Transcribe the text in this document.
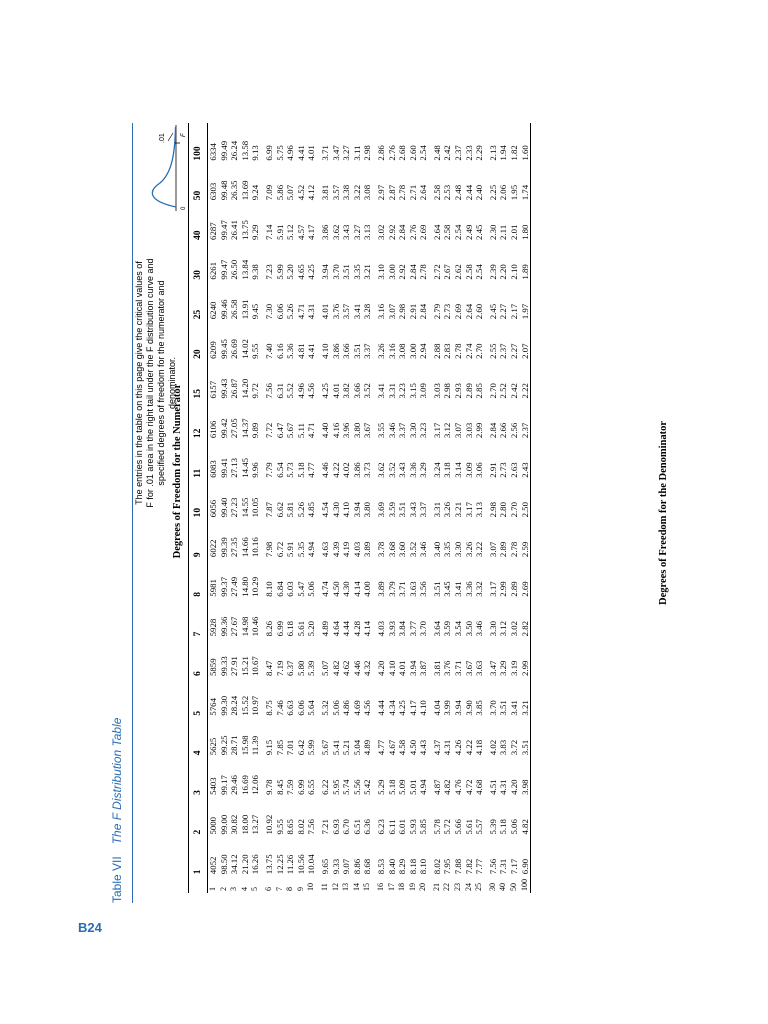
B24
Table VIIThe F Distribution Table
The entries in the table on this page give the critical values of F for .01 area in the right tail under the F distribution curve and specified degrees of freedom for the numerator and denominator.
.01
0
F
Degrees of Freedom for the Numerator
	1	2	3	4	5	6	7	8	9	10	11	12	15	20	25	30	40	50	100
1	4052	5000	5403	5625	5764	5859	5928	5981	6022	6056	6083	6106	6157	6209	6240	6261	6287	6303	6334
2	98.50	99.00	99.17	99.25	99.30	99.33	99.36	99.37	99.39	99.40	99.41	99.42	99.43	99.45	99.46	99.47	99.47	99.48	99.49
3	34.12	30.82	29.46	28.71	28.24	27.91	27.67	27.49	27.35	27.23	27.13	27.05	26.87	26.69	26.58	26.50	26.41	26.35	26.24
4	21.20	18.00	16.69	15.98	15.52	15.21	14.98	14.80	14.66	14.55	14.45	14.37	14.20	14.02	13.91	13.84	13.75	13.69	13.58
5	16.26	13.27	12.06	11.39	10.97	10.67	10.46	10.29	10.16	10.05	9.96	9.89	9.72	9.55	9.45	9.38	9.29	9.24	9.13
6	13.75	10.92	9.78	9.15	8.75	8.47	8.26	8.10	7.98	7.87	7.79	7.72	7.56	7.40	7.30	7.23	7.14	7.09	6.99
7	12.25	9.55	8.45	7.85	7.46	7.19	6.99	6.84	6.72	6.62	6.54	6.47	6.31	6.16	6.06	5.99	5.91	5.86	5.75
8	11.26	8.65	7.59	7.01	6.63	6.37	6.18	6.03	5.91	5.81	5.73	5.67	5.52	5.36	5.26	5.20	5.12	5.07	4.96
9	10.56	8.02	6.99	6.42	6.06	5.80	5.61	5.47	5.35	5.26	5.18	5.11	4.96	4.81	4.71	4.65	4.57	4.52	4.41
10	10.04	7.56	6.55	5.99	5.64	5.39	5.20	5.06	4.94	4.85	4.77	4.71	4.56	4.41	4.31	4.25	4.17	4.12	4.01
11	9.65	7.21	6.22	5.67	5.32	5.07	4.89	4.74	4.63	4.54	4.46	4.40	4.25	4.10	4.01	3.94	3.86	3.81	3.71
12	9.33	6.93	5.95	5.41	5.06	4.82	4.64	4.50	4.39	4.30	4.22	4.16	4.01	3.86	3.76	3.70	3.62	3.57	3.47
13	9.07	6.70	5.74	5.21	4.86	4.62	4.44	4.30	4.19	4.10	4.02	3.96	3.82	3.66	3.57	3.51	3.43	3.38	3.27
14	8.86	6.51	5.56	5.04	4.69	4.46	4.28	4.14	4.03	3.94	3.86	3.80	3.66	3.51	3.41	3.35	3.27	3.22	3.11
15	8.68	6.36	5.42	4.89	4.56	4.32	4.14	4.00	3.89	3.80	3.73	3.67	3.52	3.37	3.28	3.21	3.13	3.08	2.98
16	8.53	6.23	5.29	4.77	4.44	4.20	4.03	3.89	3.78	3.69	3.62	3.55	3.41	3.26	3.16	3.10	3.02	2.97	2.86
17	8.40	6.11	5.18	4.67	4.34	4.10	3.93	3.79	3.68	3.59	3.52	3.46	3.31	3.16	3.07	3.00	2.92	2.87	2.76
18	8.29	6.01	5.09	4.58	4.25	4.01	3.84	3.71	3.60	3.51	3.43	3.37	3.23	3.08	2.98	2.92	2.84	2.78	2.68
19	8.18	5.93	5.01	4.50	4.17	3.94	3.77	3.63	3.52	3.43	3.36	3.30	3.15	3.00	2.91	2.84	2.76	2.71	2.60
20	8.10	5.85	4.94	4.43	4.10	3.87	3.70	3.56	3.46	3.37	3.29	3.23	3.09	2.94	2.84	2.78	2.69	2.64	2.54
21	8.02	5.78	4.87	4.37	4.04	3.81	3.64	3.51	3.40	3.31	3.24	3.17	3.03	2.88	2.79	2.72	2.64	2.58	2.48
22	7.95	5.72	4.82	4.31	3.99	3.76	3.59	3.45	3.35	3.26	3.18	3.12	2.98	2.83	2.73	2.67	2.58	2.53	2.42
23	7.88	5.66	4.76	4.26	3.94	3.71	3.54	3.41	3.30	3.21	3.14	3.07	2.93	2.78	2.69	2.62	2.54	2.48	2.37
24	7.82	5.61	4.72	4.22	3.90	3.67	3.50	3.36	3.26	3.17	3.09	3.03	2.89	2.74	2.64	2.58	2.49	2.44	2.33
25	7.77	5.57	4.68	4.18	3.85	3.63	3.46	3.32	3.22	3.13	3.06	2.99	2.85	2.70	2.60	2.54	2.45	2.40	2.29
30	7.56	5.39	4.51	4.02	3.70	3.47	3.30	3.17	3.07	2.98	2.91	2.84	2.70	2.55	2.45	2.39	2.30	2.25	2.13
40	7.31	5.18	4.31	3.83	3.51	3.29	3.12	2.99	2.89	2.80	2.73	2.66	2.52	2.37	2.27	2.20	2.11	2.06	1.94
50	7.17	5.06	4.20	3.72	3.41	3.19	3.02	2.89	2.78	2.70	2.63	2.56	2.42	2.27	2.17	2.10	2.01	1.95	1.82
100	6.90	4.82	3.98	3.51	3.21	2.99	2.82	2.69	2.59	2.50	2.43	2.37	2.22	2.07	1.97	1.89	1.80	1.74	1.60
Degrees of Freedom for the Denominator
